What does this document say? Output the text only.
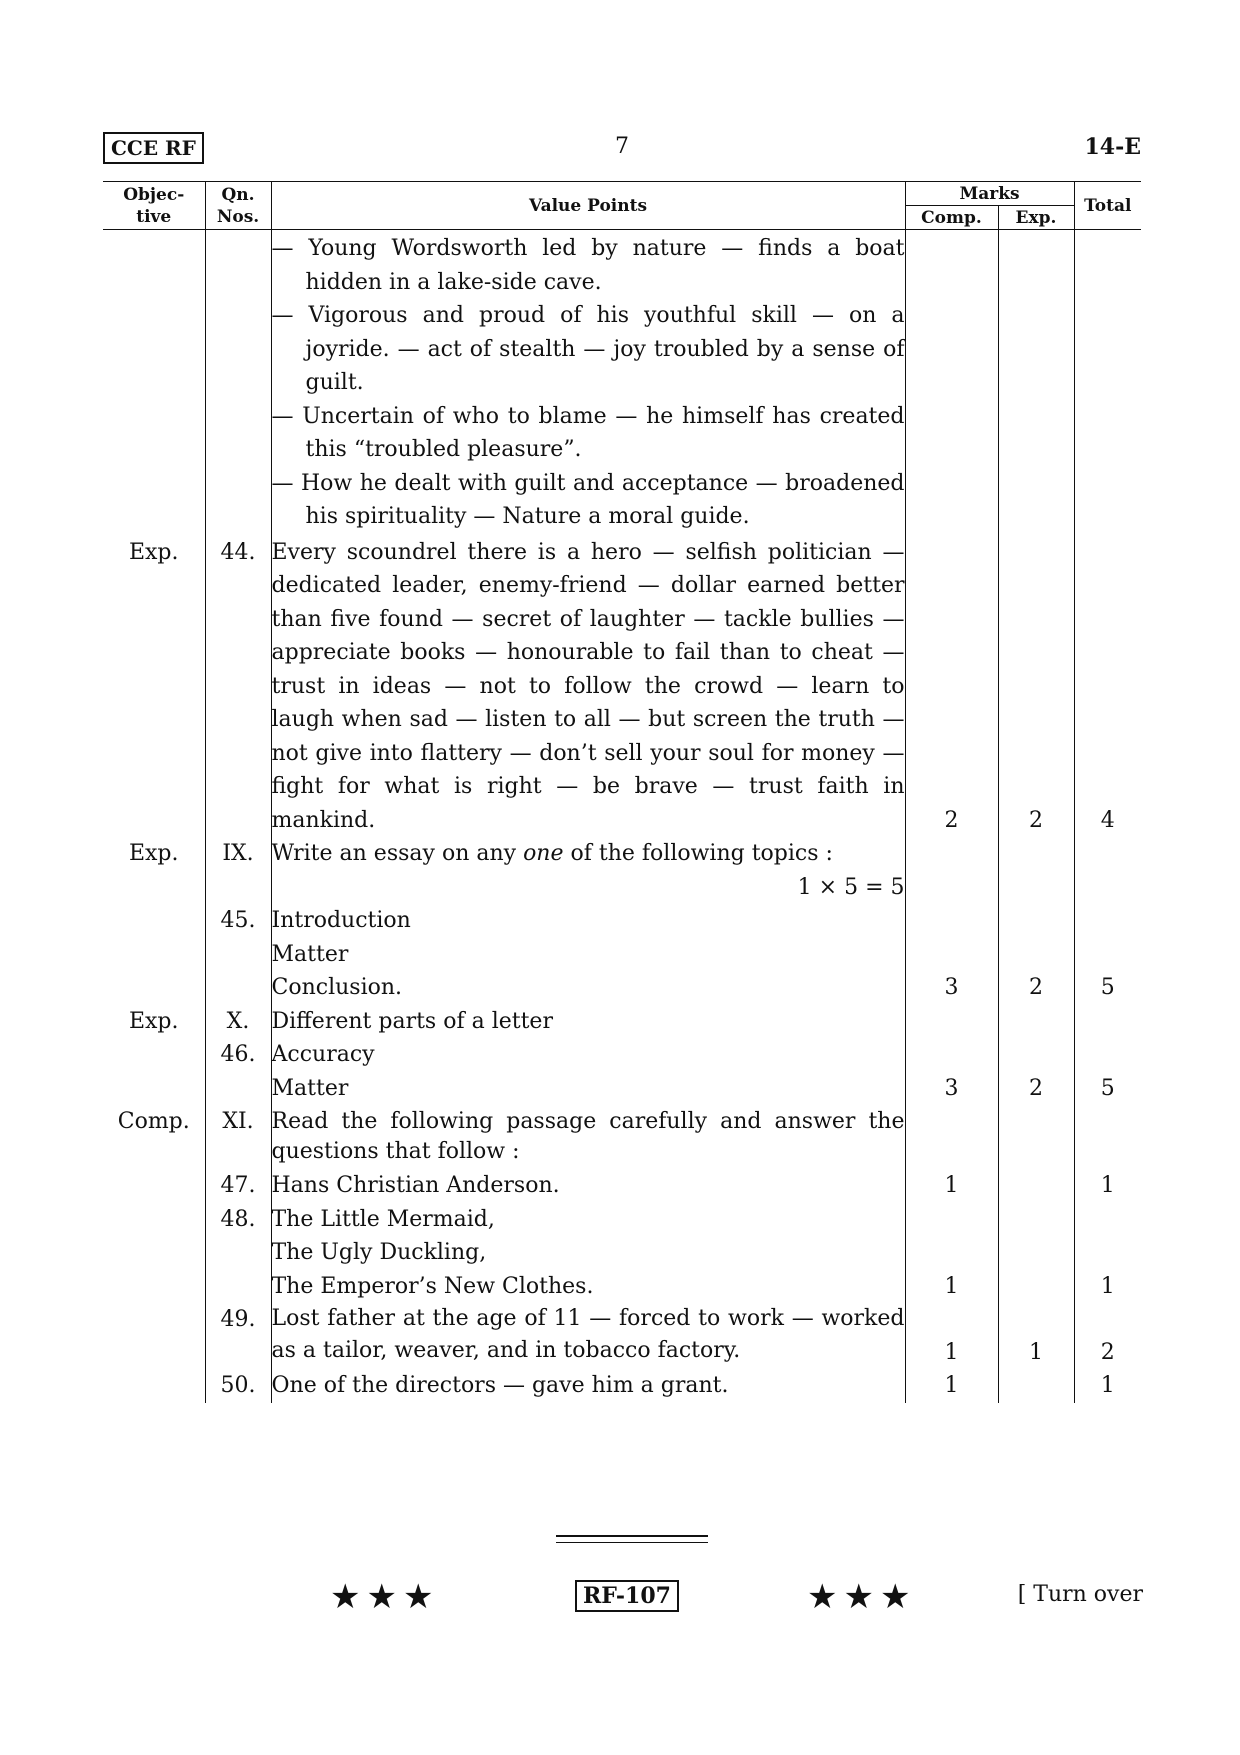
CCE RF	7	14-E
Objec-
tive	Qn.
Nos.	Value Points	Marks		Total
			Comp.	Exp.	

		— Young Wordsworth led by nature — finds a boat hidden in a lake-side cave.
— Vigorous and proud of his youthful skill — on a joyride. — act of stealth — joy troubled by a sense of guilt.
— Uncertain of who to blame — he himself has created this “troubled pleasure”.
— How he dealt with guilt and acceptance — broadened his spirituality — Nature a moral guide.			

Exp.	44.	Every scoundrel there is a hero — selfish politician — dedicated leader, enemy-friend — dollar earned better than five found — secret of laughter — tackle bullies — appreciate books — honourable to fail than to cheat — trust in ideas — not to follow the crowd — learn to laugh when sad — listen to all — but screen the truth — not give into flattery — don’t sell your soul for money — fight for what is right — be brave — trust faith in mankind.	2	2	4
Exp.	IX.	Write an essay on any one of the following topics :
1 × 5 = 5			

	45.	Introduction
Matter
Conclusion.	3	2	5
Exp.	X.	Different parts of a letter			

	46.	Accuracy
Matter	3	2	5
Comp.	XI.	Read the following passage carefully and answer the questions that follow :			

	47.	Hans Christian Anderson.	1		1
	48.	The Little Mermaid,
The Ugly Duckling,
The Emperor’s New Clothes.	1		1
	49.	Lost father at the age of 11 — forced to work — worked as a tailor, weaver, and in tobacco factory.	1	1	2
	50.	One of the directors — gave him a grant.	1		1
★★★	RF-107	★★★	[ Turn over
